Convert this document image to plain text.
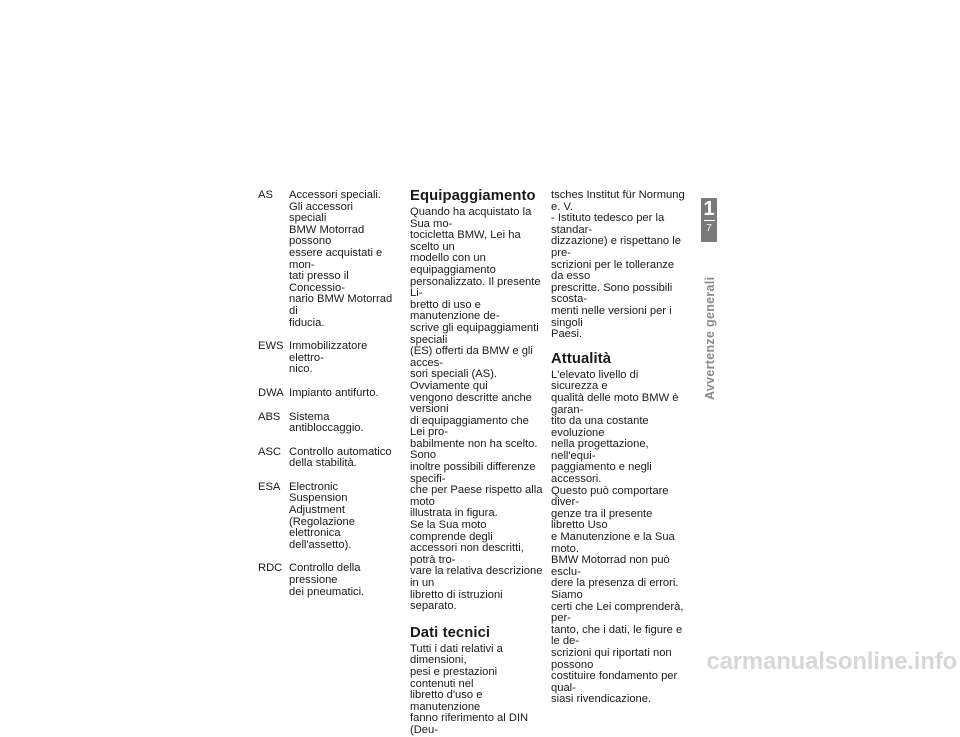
AS	Accessori speciali.
Gli accessori speciali
BMW Motorrad possono
essere acquistati e mon-
tati presso il Concessio-
nario BMW Motorrad di
fiducia.
EWS Immobilizzatore elettro-
nico.
DWA Impianto antifurto.
ABS Sistema antibloccaggio.
ASC Controllo automatico
della stabilità.
ESA Electronic Suspension
Adjustment (Regolazione
elettronica dell'assetto).
RDC Controllo della pressione
dei pneumatici.
Equipaggiamento

Quando ha acquistato la Sua mo-
tocicletta BMW, Lei ha scelto un
modello con un equipaggiamento
personalizzato. Il presente Li-
bretto di uso e manutenzione de-
scrive gli equipaggiamenti speciali
(ES) offerti da BMW e gli acces-
sori speciali (AS). Ovviamente qui
vengono descritte anche versioni
di equipaggiamento che Lei pro-
babilmente non ha scelto. Sono
inoltre possibili differenze specifi-
che per Paese rispetto alla moto
illustrata in figura.
Se la Sua moto comprende degli
accessori non descritti, potrà tro-
vare la relativa descrizione in un
libretto di istruzioni separato.

Dati tecnici

Tutti i dati relativi a dimensioni,
pesi e prestazioni contenuti nel
libretto d'uso e manutenzione
fanno riferimento al DIN (Deu-

tsches Institut für Normung e. V.
- Istituto tedesco per la standar-
dizzazione) e rispettano le pre-
scrizioni per le tolleranze da esso
prescritte. Sono possibili scosta-
menti nelle versioni per i singoli
Paesi.

Attualità

L'elevato livello di sicurezza e
qualità delle moto BMW è garan-
tito da una costante evoluzione
nella progettazione, nell'equi-
paggiamento e negli accessori.
Questo può comportare diver-
genze tra il presente libretto Uso
e Manutenzione e la Sua moto.
BMW Motorrad non può esclu-
dere la presenza di errori. Siamo
certi che Lei comprenderà, per-
tanto, che i dati, le figure e le de-
scrizioni qui riportati non possono
costituire fondamento per qual-
siasi rivendicazione.

1
7
Avvertenze generali
carmanualsonline.info
